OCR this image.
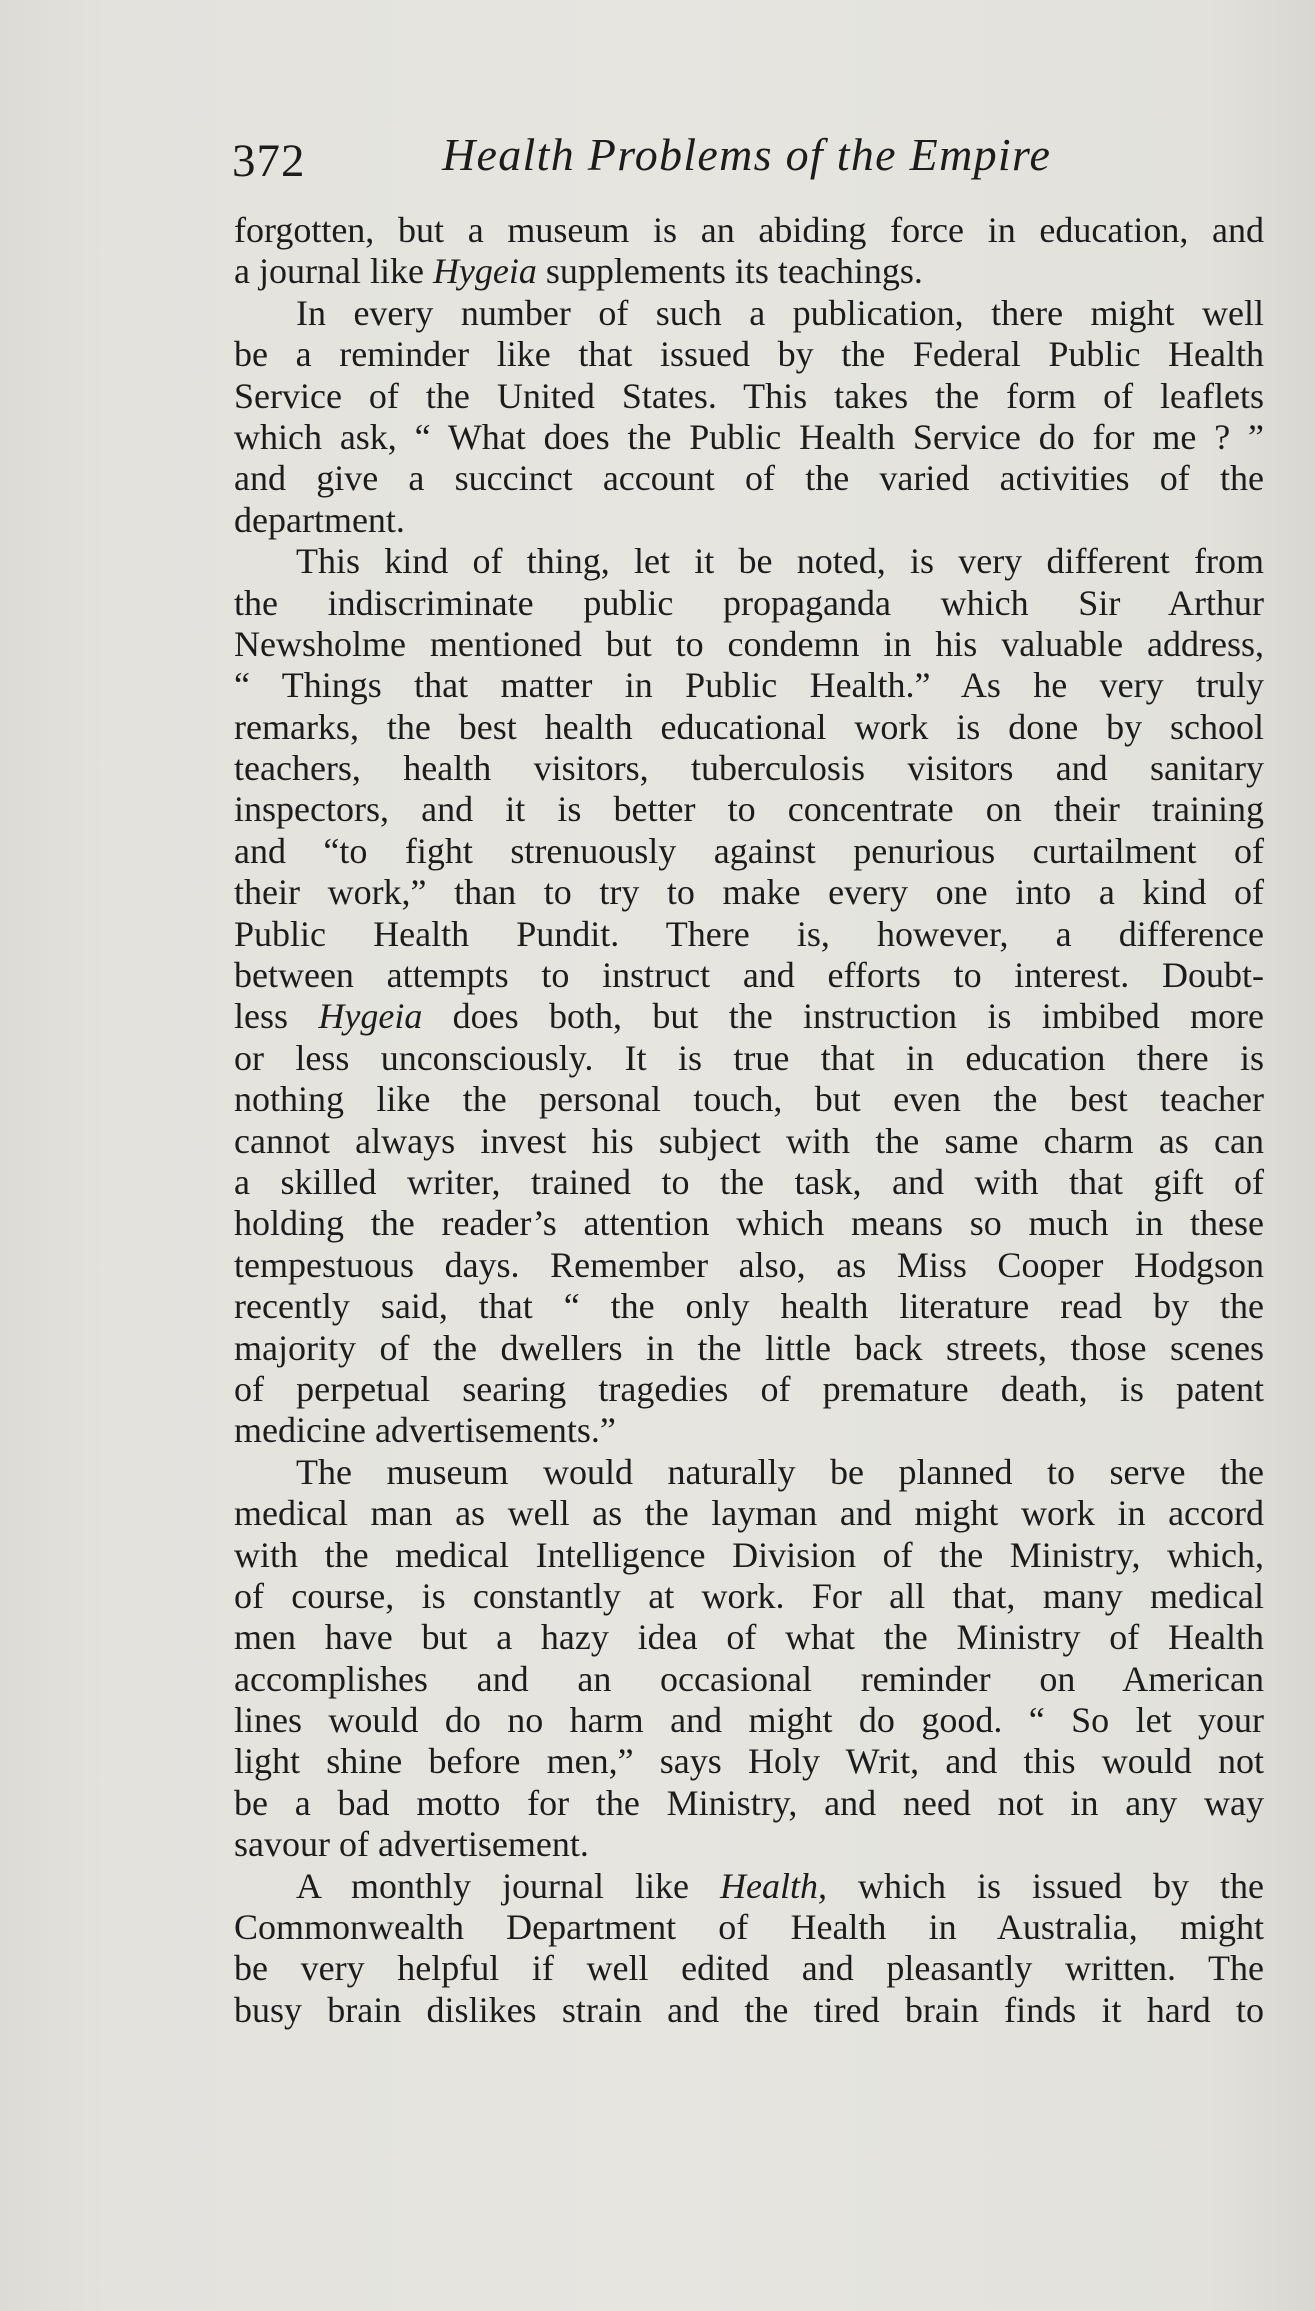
372	Health Problems of the Empire
forgotten, but a museum is an abiding force in education, and
a journal like Hygeia supplements its teachings.
In every number of such a publication, there might well
be a reminder like that issued by the Federal Public Health
Service of the United States. This takes the form of leaflets
which ask, “ What does the Public Health Service do for me ? ”
and give a succinct account of the varied activities of the
department.
This kind of thing, let it be noted, is very different from
the indiscriminate public propaganda which Sir Arthur
Newsholme mentioned but to condemn in his valuable address,
“ Things that matter in Public Health.” As he very truly
remarks, the best health educational work is done by school
teachers, health visitors, tuberculosis visitors and sanitary
inspectors, and it is better to concentrate on their training
and “to fight strenuously against penurious curtailment of
their work,” than to try to make every one into a kind of
Public Health Pundit. There is, however, a difference
between attempts to instruct and efforts to interest. Doubt-
less Hygeia does both, but the instruction is imbibed more
or less unconsciously. It is true that in education there is
nothing like the personal touch, but even the best teacher
cannot always invest his subject with the same charm as can
a skilled writer, trained to the task, and with that gift of
holding the reader’s attention which means so much in these
tempestuous days. Remember also, as Miss Cooper Hodgson
recently said, that “ the only health literature read by the
majority of the dwellers in the little back streets, those scenes
of perpetual searing tragedies of premature death, is patent
medicine advertisements.”
The museum would naturally be planned to serve the
medical man as well as the layman and might work in accord
with the medical Intelligence Division of the Ministry, which,
of course, is constantly at work. For all that, many medical
men have but a hazy idea of what the Ministry of Health
accomplishes and an occasional reminder on American
lines would do no harm and might do good. “ So let your
light shine before men,” says Holy Writ, and this would not
be a bad motto for the Ministry, and need not in any way
savour of advertisement.
A monthly journal like Health, which is issued by the
Commonwealth Department of Health in Australia, might
be very helpful if well edited and pleasantly written. The
busy brain dislikes strain and the tired brain finds it hard to
